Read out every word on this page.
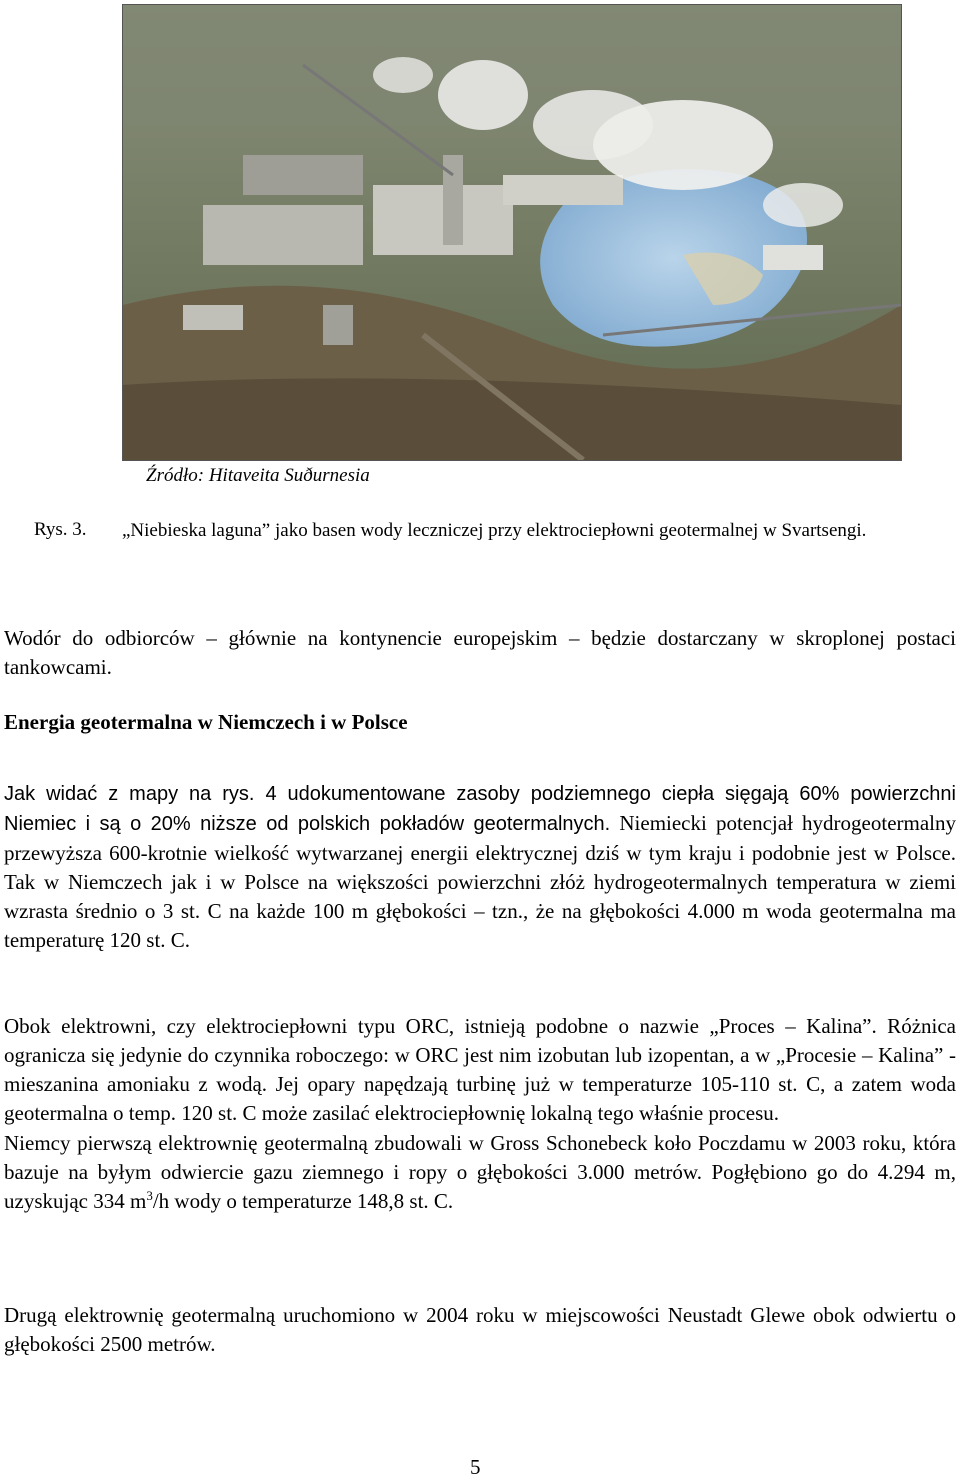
Źródło: Hitaveita Suðurnesia
Rys. 3. „Niebieska laguna” jako basen wody leczniczej przy elektrociepłowni geotermalnej w Svartsengi.

Wodór do odbiorców – głównie na kontynencie europejskim – będzie dostarczany w skroplonej postaci tankowcami.

Energia geotermalna w Niemczech i w Polsce

Jak widać z mapy na rys. 4 udokumentowane zasoby podziemnego ciepła sięgają 60% powierzchni Niemiec i są o 20% niższe od polskich pokładów geotermalnych. Niemiecki potencjał hydrogeotermalny przewyższa 600-krotnie wielkość wytwarzanej energii elektrycznej dziś w tym kraju i podobnie jest w Polsce. Tak w Niemczech jak i w Polsce na większości powierzchni złóż hydrogeotermalnych temperatura w ziemi wzrasta średnio o 3 st. C na każde 100 m głębokości – tzn., że na głębokości 4.000 m woda geotermalna ma temperaturę 120 st. C.

Obok elektrowni, czy elektrociepłowni typu ORC, istnieją podobne o nazwie „Proces – Kalina”. Różnica ogranicza się jedynie do czynnika roboczego: w ORC jest nim izobutan lub izopentan, a w „Procesie – Kalina” - mieszanina amoniaku z wodą. Jej opary napędzają turbinę już w temperaturze 105-110 st. C, a zatem woda geotermalna o temp. 120 st. C może zasilać elektrociepłownię lokalną tego właśnie procesu.

Niemcy pierwszą elektrownię geotermalną zbudowali w Gross Schonebeck koło Poczdamu w 2003 roku, która bazuje na byłym odwiercie gazu ziemnego i ropy o głębokości 3.000 metrów. Pogłębiono go do 4.294 m, uzyskując 334 $m^3/h$ wody o temperaturze 148,8 st. C.

Drugą elektrownię geotermalną uruchomiono w 2004 roku w miejscowości Neustadt Glewe obok odwiertu o głębokości 2500 metrów.

5
